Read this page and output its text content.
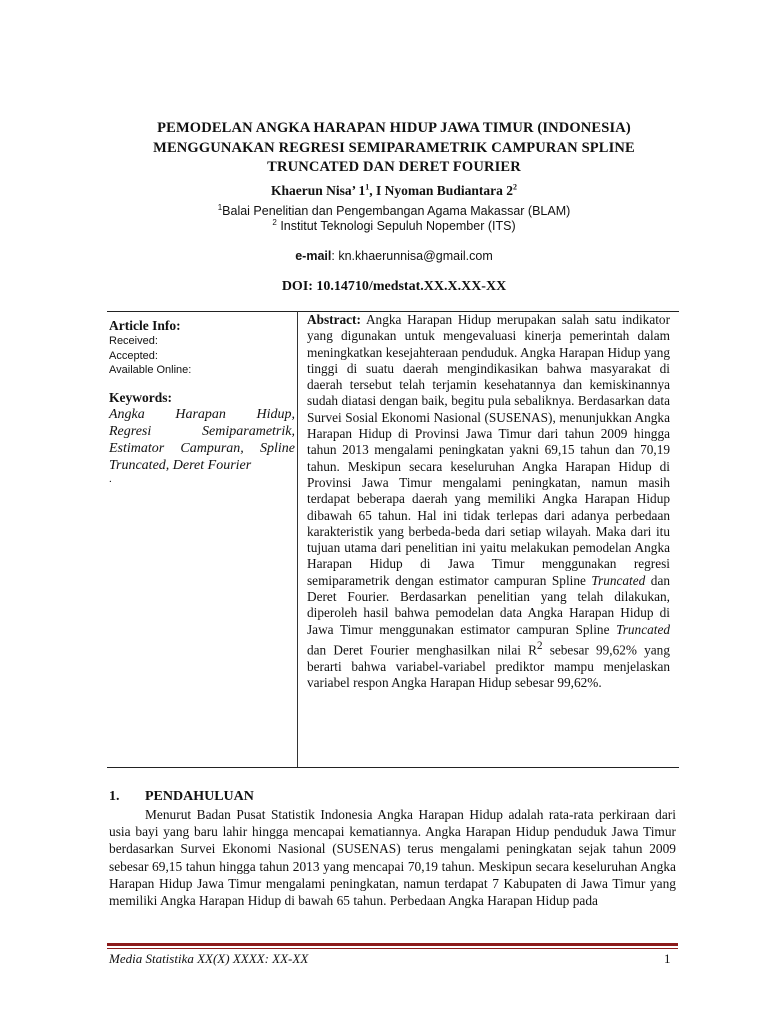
PEMODELAN ANGKA HARAPAN HIDUP JAWA TIMUR (INDONESIA)
MENGGUNAKAN REGRESI SEMIPARAMETRIK CAMPURAN SPLINE
TRUNCATED DAN DERET FOURIER
Khaerun Nisa’ $1^1$, I Nyoman Budiantara $2^2$
$^1$Balai Penelitian dan Pengembangan Agama Makassar (BLAM)
$^2$ Institut Teknologi Sepuluh Nopember (ITS)
e-mail: kn.khaerunnisa@gmail.com
DOI: 10.14710/medstat.XX.X.XX-XX
Article Info:
Received:
Accepted:
Available Online:
Keywords:
Angka Harapan Hidup,
Regresi Semiparametrik,
Estimator Campuran, Spline
Truncated, Deret Fourier
.
Abstract: Angka Harapan Hidup merupakan salah satu indikator yang digunakan untuk mengevaluasi kinerja pemerintah dalam meningkatkan kesejahteraan penduduk. Angka Harapan Hidup yang tinggi di suatu daerah mengindikasikan bahwa masyarakat di daerah tersebut telah terjamin kesehatannya dan kemiskinannya sudah diatasi dengan baik, begitu pula sebaliknya. Berdasarkan data Survei Sosial Ekonomi Nasional (SUSENAS), menunjukkan Angka Harapan Hidup di Provinsi Jawa Timur dari tahun 2009 hingga tahun 2013 mengalami peningkatan yakni 69,15 tahun dan 70,19 tahun. Meskipun secara keseluruhan Angka Harapan Hidup di Provinsi Jawa Timur mengalami peningkatan, namun masih terdapat beberapa daerah yang memiliki Angka Harapan Hidup dibawah 65 tahun. Hal ini tidak terlepas dari adanya perbedaan karakteristik yang berbeda-beda dari setiap wilayah. Maka dari itu tujuan utama dari penelitian ini yaitu melakukan pemodelan Angka Harapan Hidup di Jawa Timur menggunakan regresi semiparametrik dengan estimator campuran Spline Truncated dan Deret Fourier. Berdasarkan penelitian yang telah dilakukan, diperoleh hasil bahwa pemodelan data Angka Harapan Hidup di Jawa Timur menggunakan estimator campuran Spline Truncated dan Deret Fourier menghasilkan nilai $R^2$ sebesar 99,62% yang berarti bahwa variabel-variabel prediktor mampu menjelaskan variabel respon Angka Harapan Hidup sebesar 99,62%.
1. PENDAHULUAN
Menurut Badan Pusat Statistik Indonesia Angka Harapan Hidup adalah rata-rata perkiraan dari usia bayi yang baru lahir hingga mencapai kematiannya. Angka Harapan Hidup penduduk Jawa Timur berdasarkan Survei Ekonomi Nasional (SUSENAS) terus mengalami peningkatan sejak tahun 2009 sebesar 69,15 tahun hingga tahun 2013 yang mencapai 70,19 tahun. Meskipun secara keseluruhan Angka Harapan Hidup Jawa Timur mengalami peningkatan, namun terdapat 7 Kabupaten di Jawa Timur yang memiliki Angka Harapan Hidup di bawah 65 tahun. Perbedaan Angka Harapan Hidup pada
Media Statistika XX(X) XXXX: XX-XX	1
